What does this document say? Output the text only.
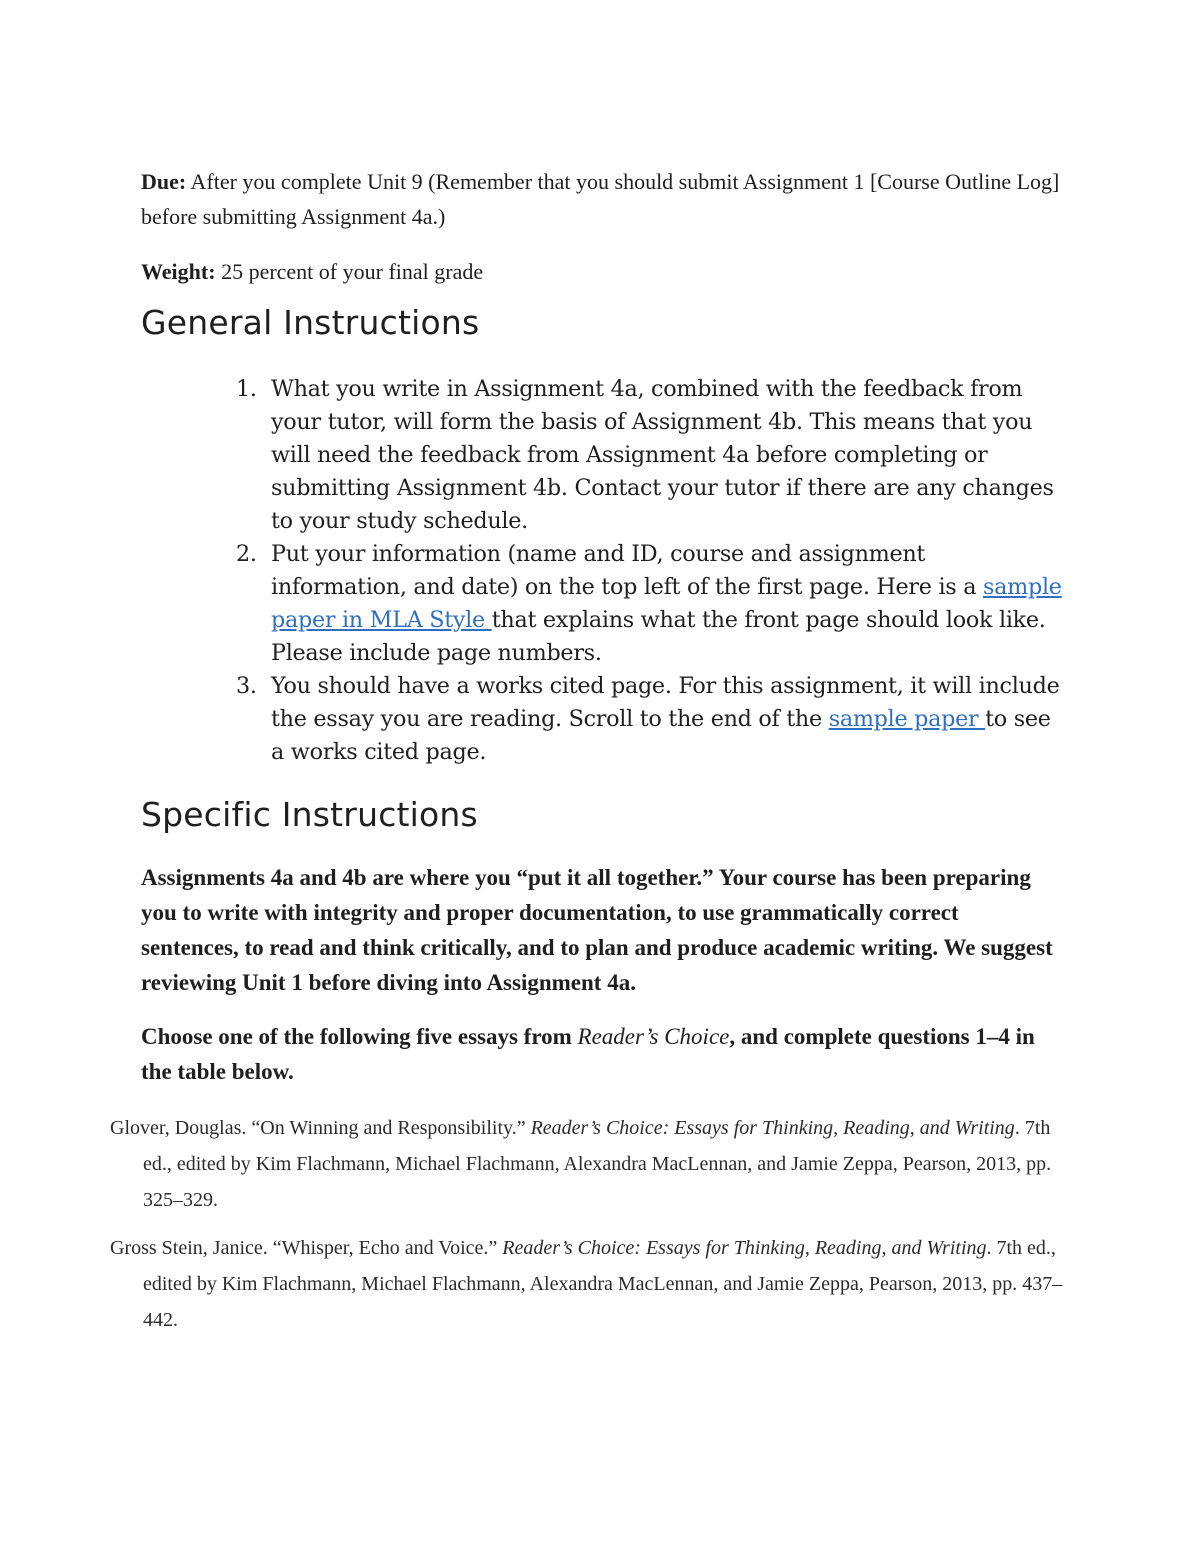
Due: After you complete Unit 9 (Remember that you should submit Assignment 1 [Course Outline Log] before submitting Assignment 4a.)

Weight: 25 percent of your final grade

General Instructions
1. What you write in Assignment 4a, combined with the feedback from your tutor, will form the basis of Assignment 4b. This means that you will need the feedback from Assignment 4a before completing or submitting Assignment 4b. Contact your tutor if there are any changes to your study schedule.
2. Put your information (name and ID, course and assignment information, and date) on the top left of the first page. Here is a sample paper in MLA Style that explains what the front page should look like. Please include page numbers.
3. You should have a works cited page. For this assignment, it will include the essay you are reading. Scroll to the end of the sample paper to see a works cited page.
Specific Instructions

Assignments 4a and 4b are where you “put it all together.” Your course has been preparing you to write with integrity and proper documentation, to use grammatically correct sentences, to read and think critically, and to plan and produce academic writing. We suggest reviewing Unit 1 before diving into Assignment 4a.

Choose one of the following five essays from Reader’s Choice, and complete questions 1–4 in the table below.

Glover, Douglas. “On Winning and Responsibility.” Reader’s Choice: Essays for Thinking, Reading, and Writing. 7th ed., edited by Kim Flachmann, Michael Flachmann, Alexandra MacLennan, and Jamie Zeppa, Pearson, 2013, pp. 325–329.

Gross Stein, Janice. “Whisper, Echo and Voice.” Reader’s Choice: Essays for Thinking, Reading, and Writing. 7th ed., edited by Kim Flachmann, Michael Flachmann, Alexandra MacLennan, and Jamie Zeppa, Pearson, 2013, pp. 437–442.
